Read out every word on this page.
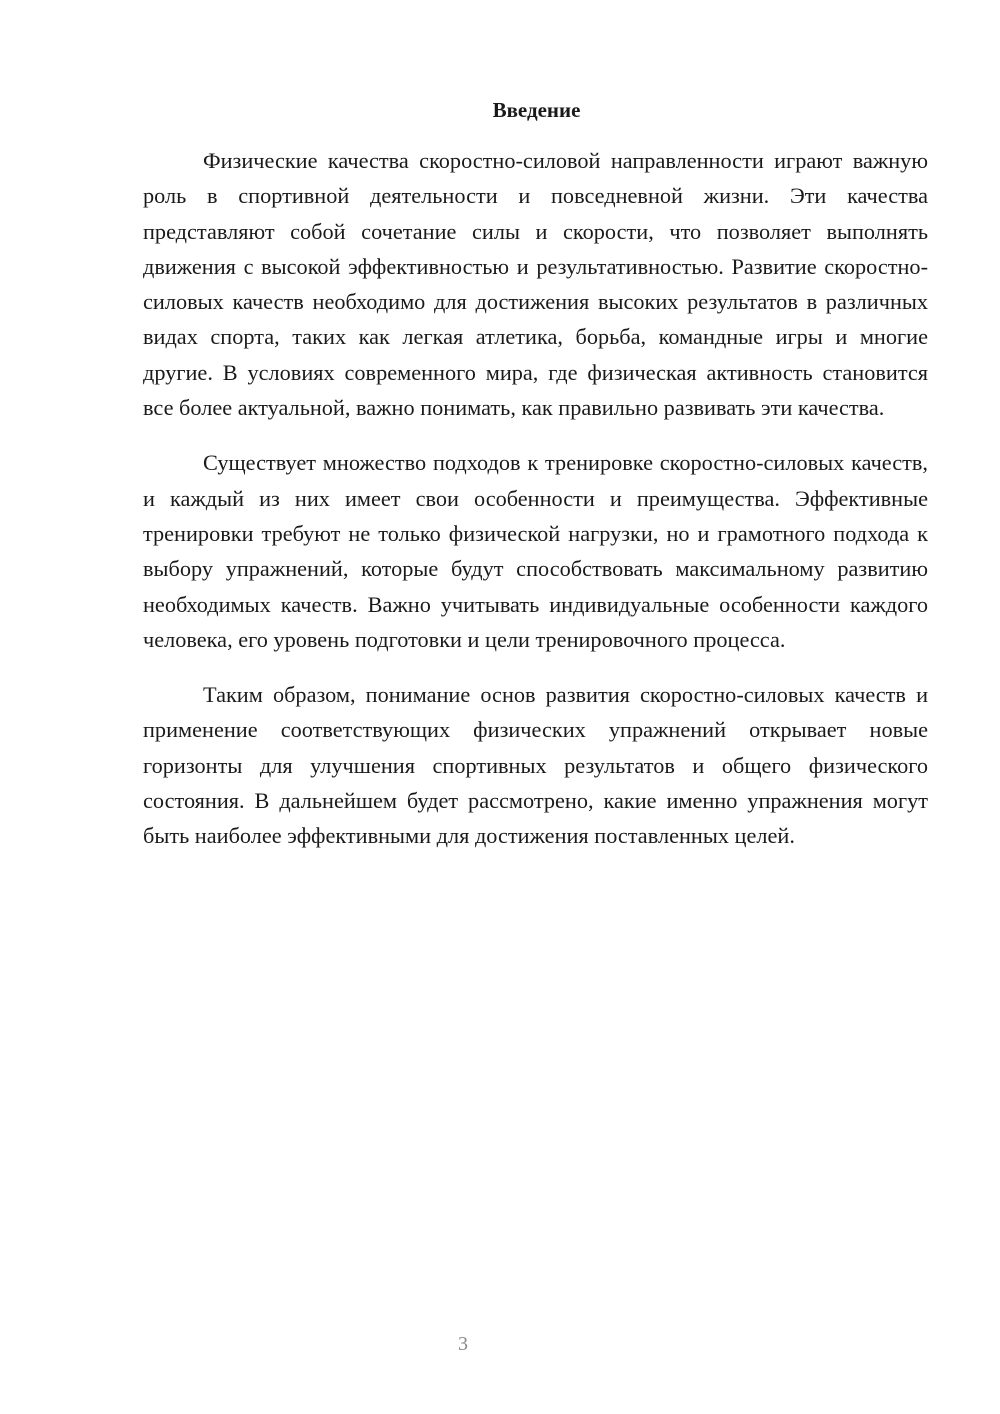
Введение

Физические качества скоростно-силовой направленности играют важную роль в спортивной деятельности и повседневной жизни. Эти качества представляют собой сочетание силы и скорости, что позволяет выполнять движения с высокой эффективностью и результативностью. Развитие скоростно-силовых качеств необходимо для достижения высоких результатов в различных видах спорта, таких как легкая атлетика, борьба, командные игры и многие другие. В условиях современного мира, где физическая активность становится все более актуальной, важно понимать, как правильно развивать эти качества.

Существует множество подходов к тренировке скоростно-силовых качеств, и каждый из них имеет свои особенности и преимущества. Эффективные тренировки требуют не только физической нагрузки, но и грамотного подхода к выбору упражнений, которые будут способствовать максимальному развитию необходимых качеств. Важно учитывать индивидуальные особенности каждого человека, его уровень подготовки и цели тренировочного процесса.

Таким образом, понимание основ развития скоростно-силовых качеств и применение соответствующих физических упражнений открывает новые горизонты для улучшения спортивных результатов и общего физического состояния. В дальнейшем будет рассмотрено, какие именно упражнения могут быть наиболее эффективными для достижения поставленных целей.

3
